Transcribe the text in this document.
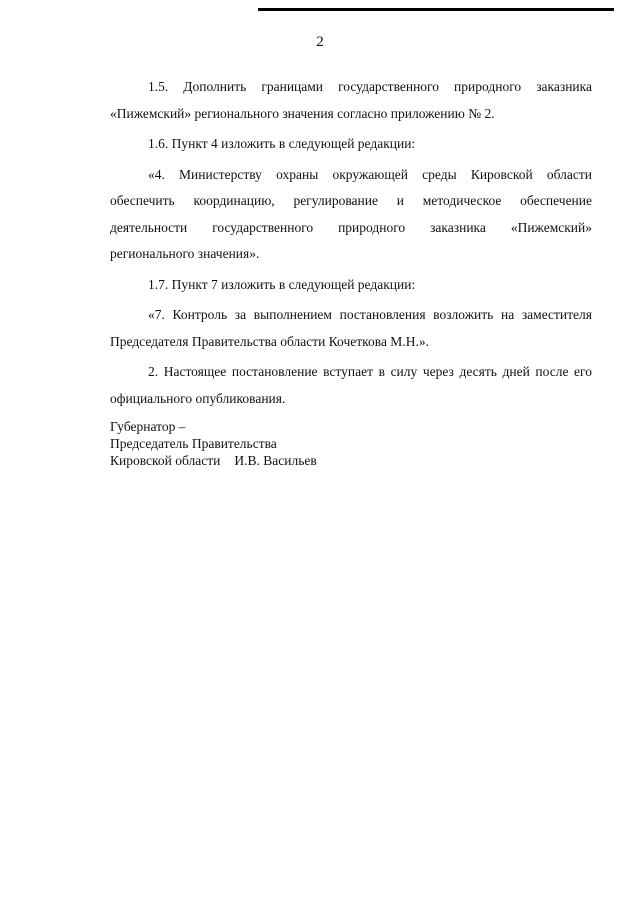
2

1.5. Дополнить границами государственного природного заказника «Пижемский» регионального значения согласно приложению № 2.

1.6. Пункт 4 изложить в следующей редакции:

«4. Министерству охраны окружающей среды Кировской области обеспечить координацию, регулирование и методическое обеспечение деятельности государственного природного заказника «Пижемский» регионального значения».

1.7. Пункт 7 изложить в следующей редакции:

«7. Контроль за выполнением постановления возложить на заместителя Председателя Правительства области Кочеткова М.Н.».

2. Настоящее постановление вступает в силу через десять дней после его официального опубликования.

Губернатор –
Председатель Правительства
Кировской области И.В. Васильев
